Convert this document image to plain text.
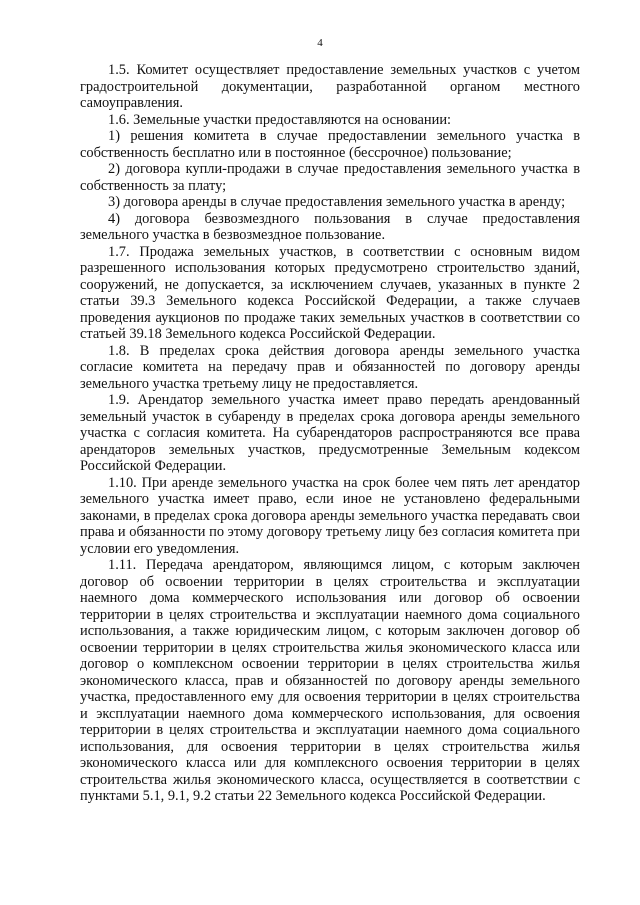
4

1.5. Комитет осуществляет предоставление земельных участков с учетом градостроительной документации, разработанной органом местного самоуправления.

1.6. Земельные участки предоставляются на основании:

1) решения комитета в случае предоставлении земельного участка в собственность бесплатно или в постоянное (бессрочное) пользование;

2) договора купли-продажи в случае предоставления земельного участка в собственность за плату;

3) договора аренды в случае предоставления земельного участка в аренду;

4) договора безвозмездного пользования в случае предоставления земельного участка в безвозмездное пользование.

1.7. Продажа земельных участков, в соответствии с основным видом разрешенного использования которых предусмотрено строительство зданий, сооружений, не допускается, за исключением случаев, указанных в пункте 2 статьи 39.3 Земельного кодекса Российской Федерации, а также случаев проведения аукционов по продаже таких земельных участков в соответствии со статьей 39.18 Земельного кодекса Российской Федерации.

1.8. В пределах срока действия договора аренды земельного участка согласие комитета на передачу прав и обязанностей по договору аренды земельного участка третьему лицу не предоставляется.

1.9. Арендатор земельного участка имеет право передать арендованный земельный участок в субаренду в пределах срока договора аренды земельного участка с согласия комитета. На субарендаторов распространяются все права арендаторов земельных участков, предусмотренные Земельным кодексом Российской Федерации.

1.10. При аренде земельного участка на срок более чем пять лет арендатор земельного участка имеет право, если иное не установлено федеральными законами, в пределах срока договора аренды земельного участка передавать свои права и обязанности по этому договору третьему лицу без согласия комитета при условии его уведомления.

1.11. Передача арендатором, являющимся лицом, с которым заключен договор об освоении территории в целях строительства и эксплуатации наемного дома коммерческого использования или договор об освоении территории в целях строительства и эксплуатации наемного дома социального использования, а также юридическим лицом, с которым заключен договор об освоении территории в целях строительства жилья экономического класса или договор о комплексном освоении территории в целях строительства жилья экономического класса, прав и обязанностей по договору аренды земельного участка, предоставленного ему для освоения территории в целях строительства и эксплуатации наемного дома коммерческого использования, для освоения территории в целях строительства и эксплуатации наемного дома социального использования, для освоения территории в целях строительства жилья экономического класса или для комплексного освоения территории в целях строительства жилья экономического класса, осуществляется в соответствии с пунктами 5.1, 9.1, 9.2 статьи 22 Земельного кодекса Российской Федерации.
